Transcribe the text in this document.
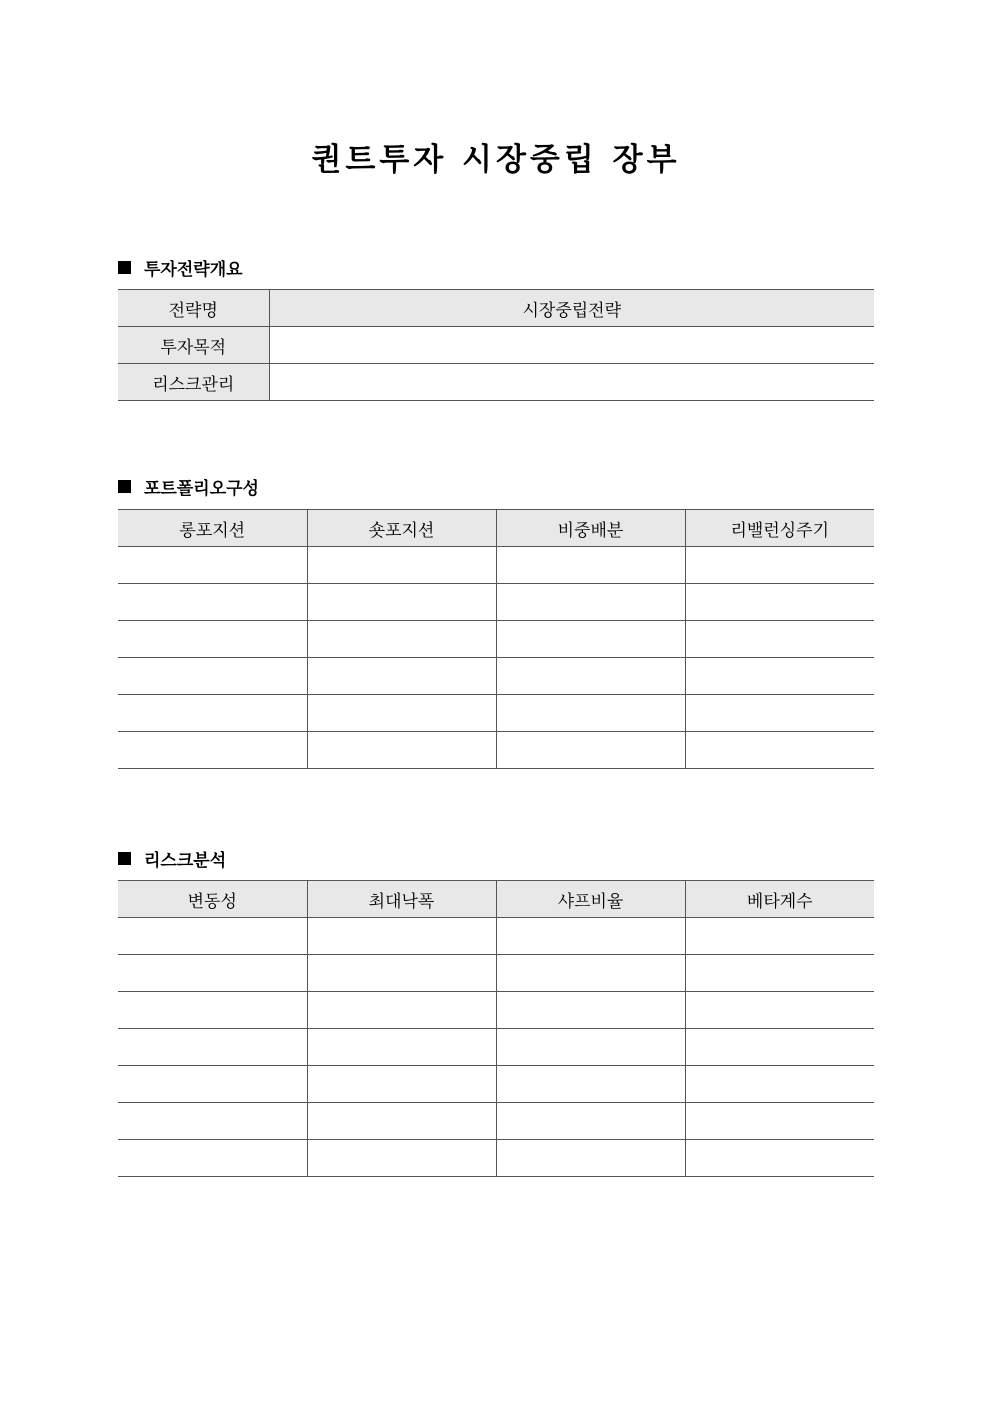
퀀트투자 시장중립 장부
투자전략개요
전략명	시장중립전략
투자목적	
리스크관리	
포트폴리오구성
롱포지션	숏포지션	비중배분	리밸런싱주기

리스크분석
변동성	최대낙폭	샤프비율	베타계수
